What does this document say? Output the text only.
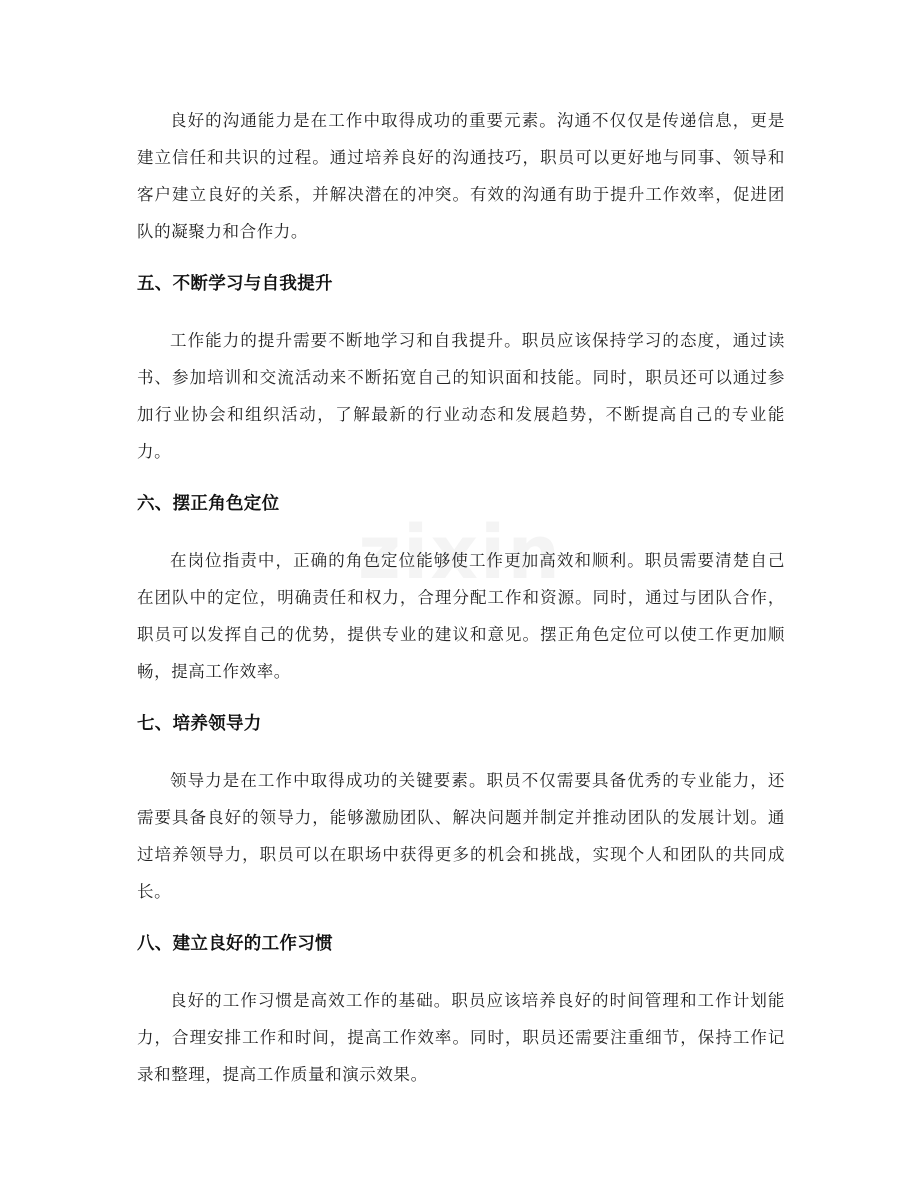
良好的沟通能力是在工作中取得成功的重要元素。沟通不仅仅是传递信息，更是建立信任和共识的过程。通过培养良好的沟通技巧，职员可以更好地与同事、领导和客户建立良好的关系，并解决潜在的冲突。有效的沟通有助于提升工作效率，促进团队的凝聚力和合作力。

五、不断学习与自我提升

工作能力的提升需要不断地学习和自我提升。职员应该保持学习的态度，通过读书、参加培训和交流活动来不断拓宽自己的知识面和技能。同时，职员还可以通过参加行业协会和组织活动，了解最新的行业动态和发展趋势，不断提高自己的专业能力。

六、摆正角色定位

在岗位指责中，正确的角色定位能够使工作更加高效和顺利。职员需要清楚自己在团队中的定位，明确责任和权力，合理分配工作和资源。同时，通过与团队合作，职员可以发挥自己的优势，提供专业的建议和意见。摆正角色定位可以使工作更加顺畅，提高工作效率。

七、培养领导力

领导力是在工作中取得成功的关键要素。职员不仅需要具备优秀的专业能力，还需要具备良好的领导力，能够激励团队、解决问题并制定并推动团队的发展计划。通过培养领导力，职员可以在职场中获得更多的机会和挑战，实现个人和团队的共同成长。

八、建立良好的工作习惯

良好的工作习惯是高效工作的基础。职员应该培养良好的时间管理和工作计划能力，合理安排工作和时间，提高工作效率。同时，职员还需要注重细节，保持工作记录和整理，提高工作质量和演示效果。
